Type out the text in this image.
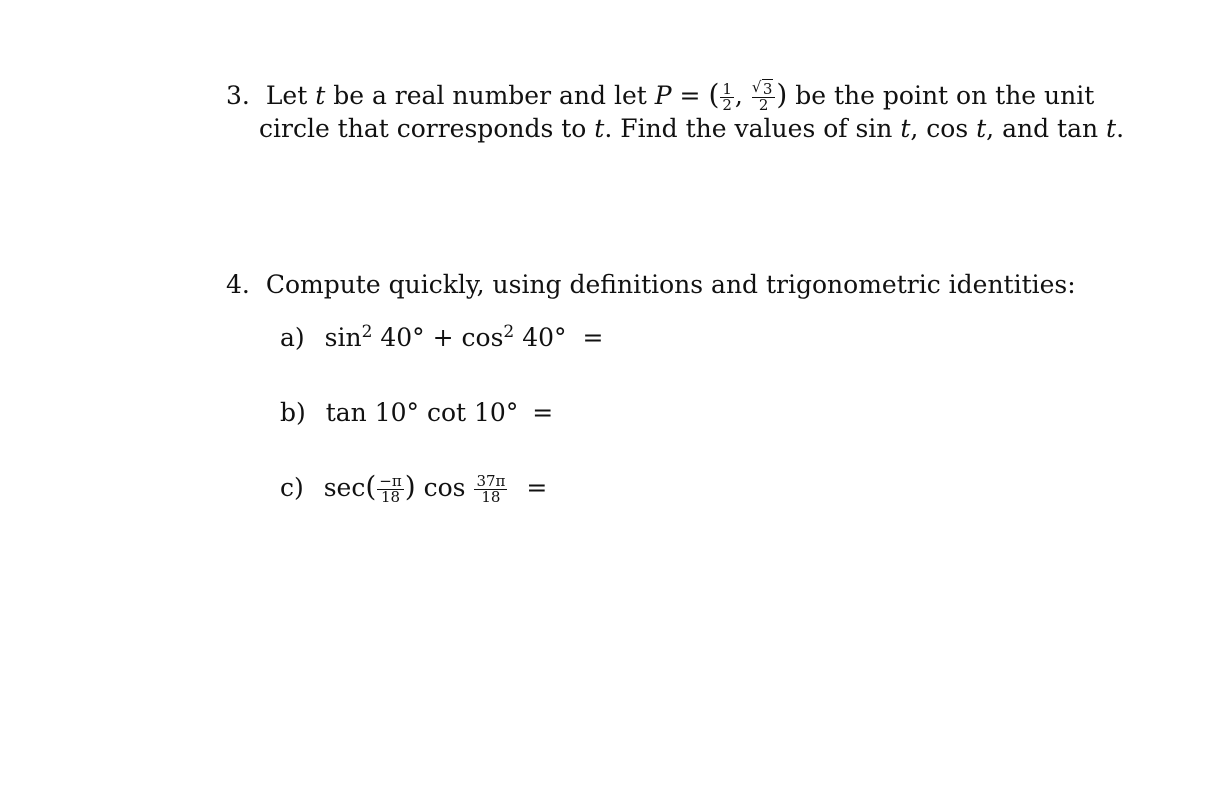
3. Let t be a real number and let P = ( $\frac{1}{2}$ ,
√ $\frac{3}{2}$ ) be the point on the unit
circle that corresponds to t. Find the values of sin t, cos t, and tan t.
4. Compute quickly, using definitions and trigonometric identities:
a) $\sin^2 40^\circ + \cos^2 40^\circ$ =
b) tan 10° cot 10° =
c) $\sec( \frac{-\pi}{18}$ ) $\cos \frac{37\pi}{18}$ =
